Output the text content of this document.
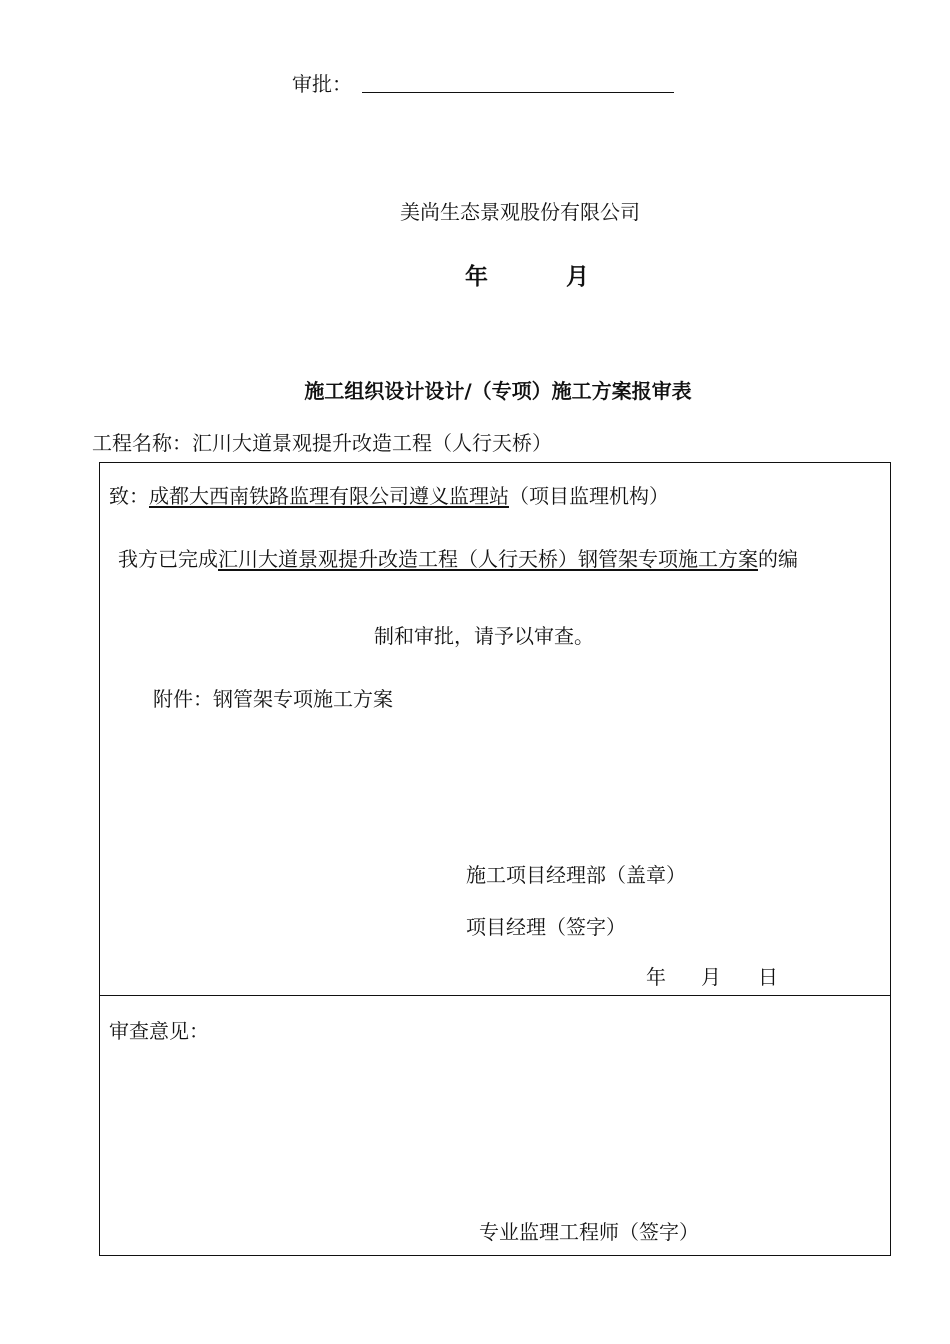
审批：
美尚生态景观股份有限公司
年	月
施工组织设计设计/（专项）施工方案报审表
工程名称：汇川大道景观提升改造工程（人行天桥）
致：成都大西南铁路监理有限公司遵义监理站（项目监理机构）
我方已完成汇川大道景观提升改造工程（人行天桥）钢管架专项施工方案的编
制和审批，请予以审查。
附件：钢管架专项施工方案
施工项目经理部（盖章）
项目经理（签字）
年 月 日
审查意见：
专业监理工程师（签字）
